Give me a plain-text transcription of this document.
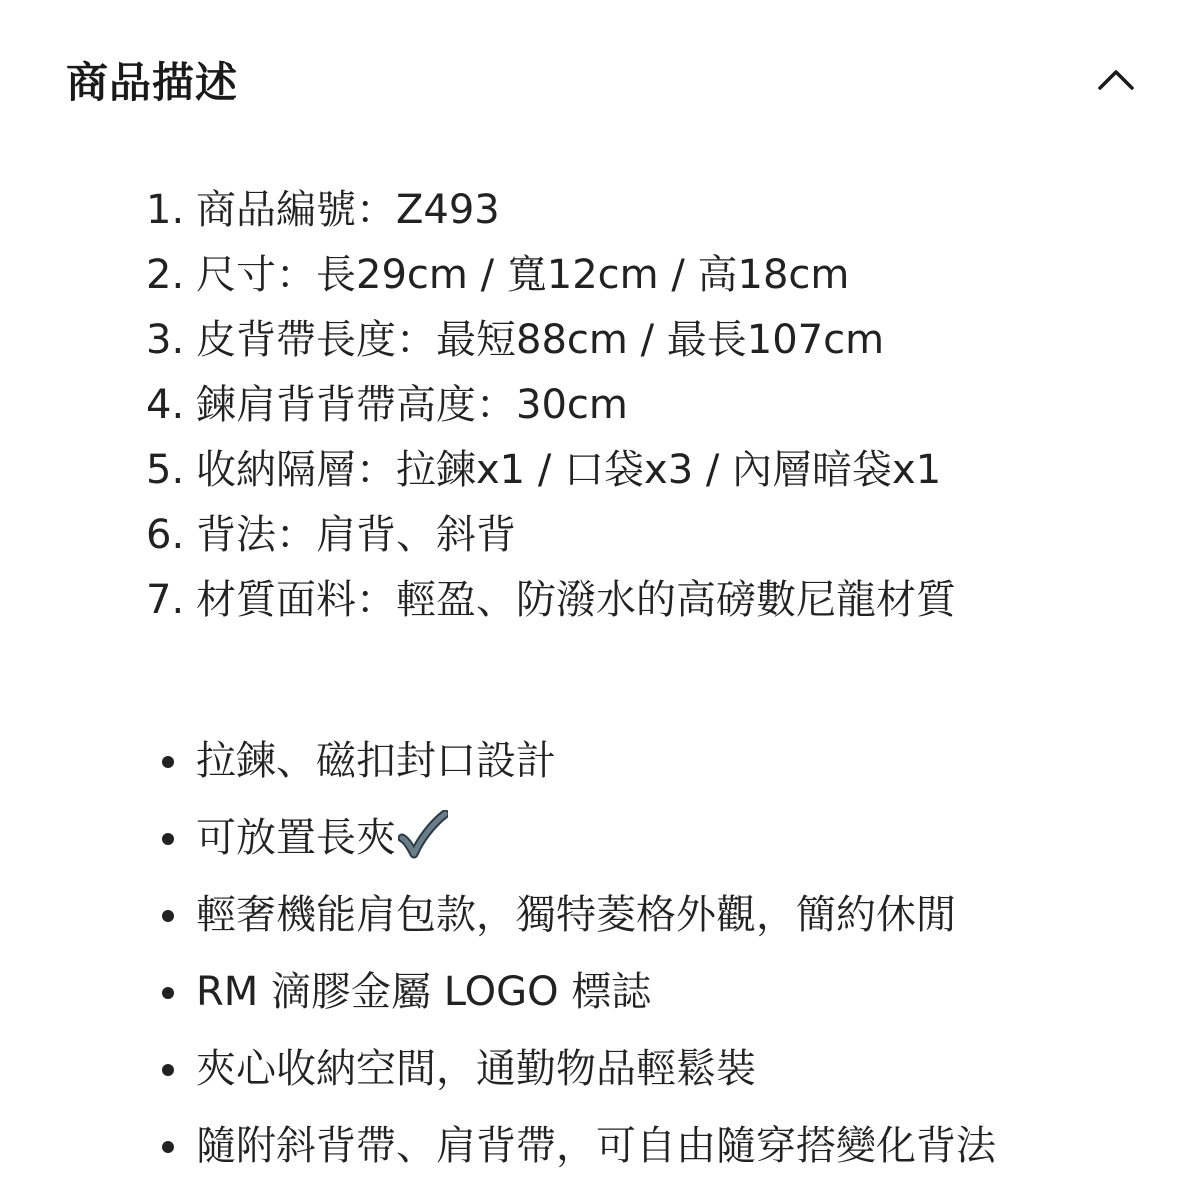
商品描述
1. 商品編號：Z493
2. 尺寸：長29cm / 寬12cm / 高18cm
3. 皮背帶長度：最短88cm / 最長107cm
4. 鍊肩背背帶高度：30cm
5. 收納隔層：拉鍊x1 / 口袋x3 / 內層暗袋x1
6. 背法：肩背、斜背
7. 材質面料：輕盈、防潑水的高磅數尼龍材質
拉鍊、磁扣封口設計
可放置長夾
輕奢機能肩包款，獨特菱格外觀，簡約休閒
RM 滴膠金屬 LOGO 標誌
夾心收納空間，通勤物品輕鬆裝
隨附斜背帶、肩背帶，可自由隨穿搭變化背法
